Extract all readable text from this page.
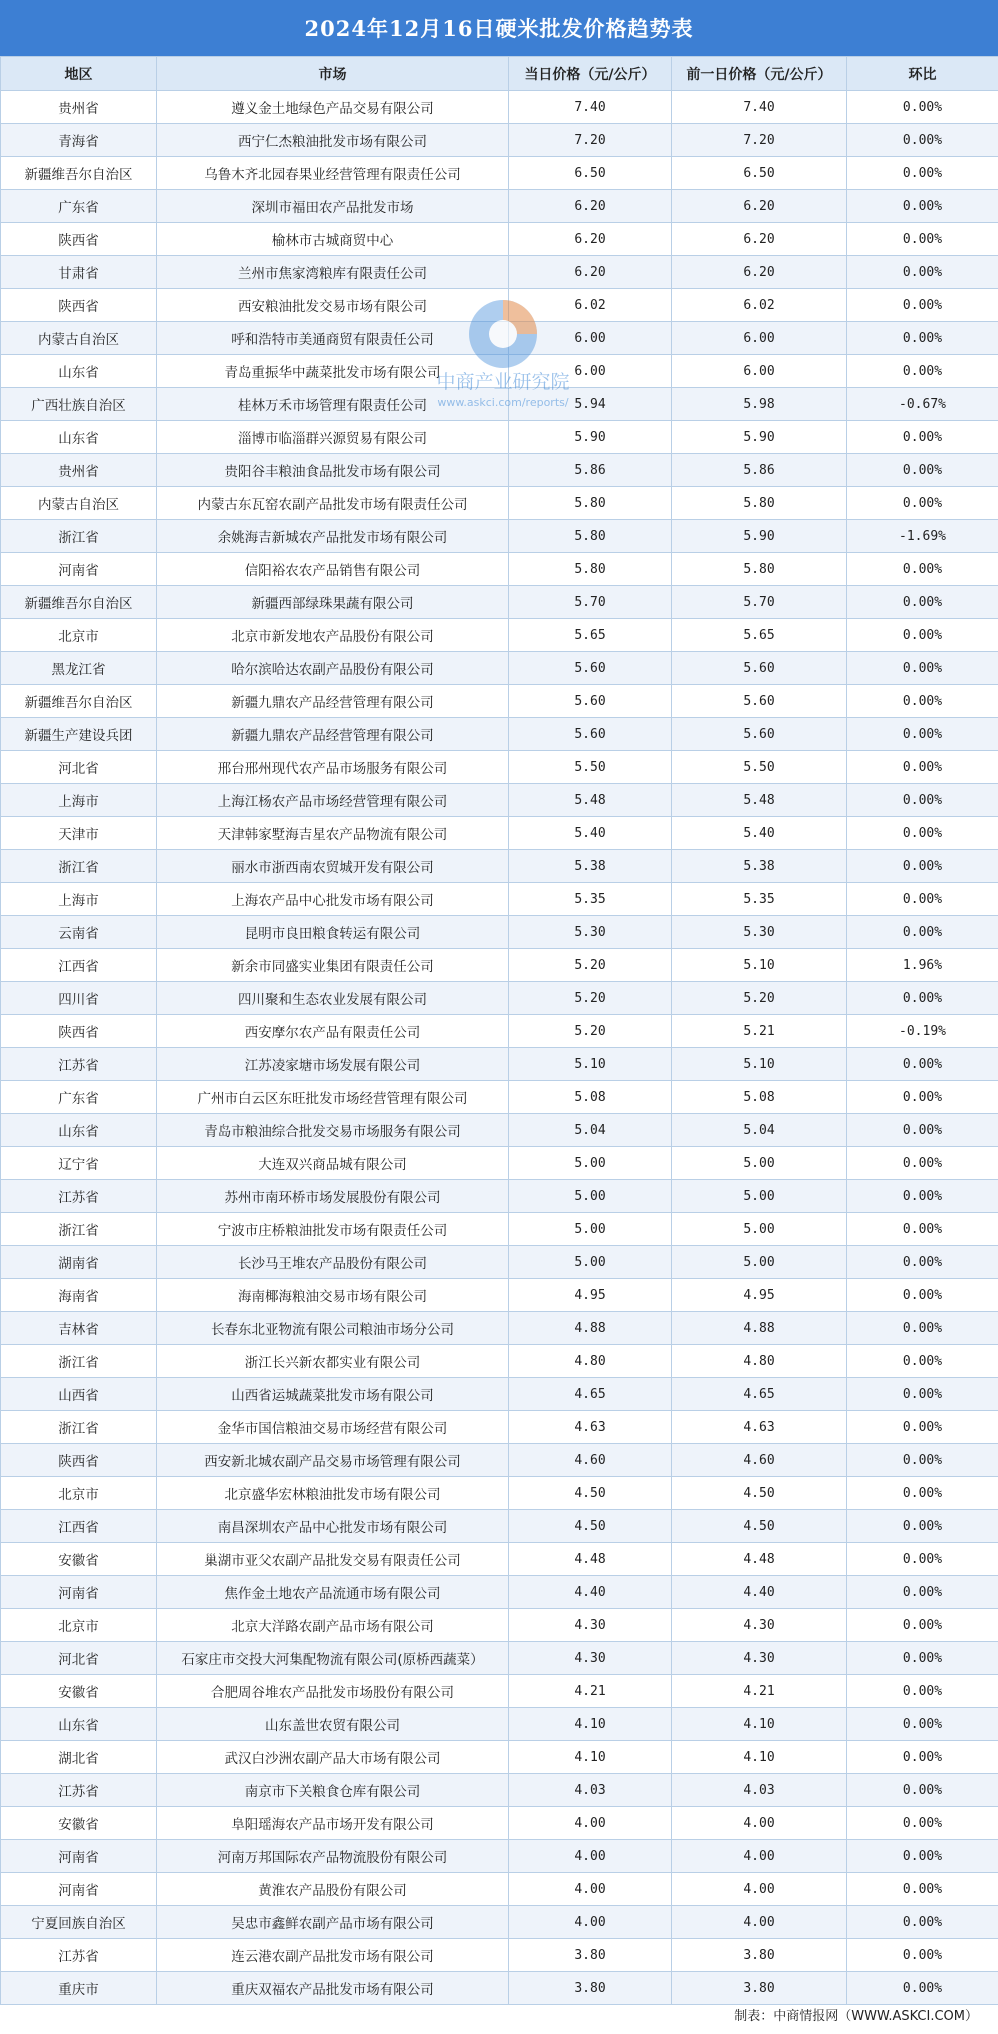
2024年12月16日硬米批发价格趋势表
地区	市场	当日价格（元/公斤）	前一日价格（元/公斤）	环比
贵州省	遵义金土地绿色产品交易有限公司	7.40	7.40	0.00%
青海省	西宁仁杰粮油批发市场有限公司	7.20	7.20	0.00%
新疆维吾尔自治区	乌鲁木齐北园春果业经营管理有限责任公司	6.50	6.50	0.00%
广东省	深圳市福田农产品批发市场	6.20	6.20	0.00%
陕西省	榆林市古城商贸中心	6.20	6.20	0.00%
甘肃省	兰州市焦家湾粮库有限责任公司	6.20	6.20	0.00%
陕西省	西安粮油批发交易市场有限公司	6.02	6.02	0.00%
内蒙古自治区	呼和浩特市美通商贸有限责任公司	6.00	6.00	0.00%
山东省	青岛重振华中蔬菜批发市场有限公司	6.00	6.00	0.00%
广西壮族自治区	桂林万禾市场管理有限责任公司	5.94	5.98	-0.67%
山东省	淄博市临淄群兴源贸易有限公司	5.90	5.90	0.00%
贵州省	贵阳谷丰粮油食品批发市场有限公司	5.86	5.86	0.00%
内蒙古自治区	内蒙古东瓦窑农副产品批发市场有限责任公司	5.80	5.80	0.00%
浙江省	余姚海吉新城农产品批发市场有限公司	5.80	5.90	-1.69%
河南省	信阳裕农农产品销售有限公司	5.80	5.80	0.00%
新疆维吾尔自治区	新疆西部绿珠果蔬有限公司	5.70	5.70	0.00%
北京市	北京市新发地农产品股份有限公司	5.65	5.65	0.00%
黑龙江省	哈尔滨哈达农副产品股份有限公司	5.60	5.60	0.00%
新疆维吾尔自治区	新疆九鼎农产品经营管理有限公司	5.60	5.60	0.00%
新疆生产建设兵团	新疆九鼎农产品经营管理有限公司	5.60	5.60	0.00%
河北省	邢台邢州现代农产品市场服务有限公司	5.50	5.50	0.00%
上海市	上海江杨农产品市场经营管理有限公司	5.48	5.48	0.00%
天津市	天津韩家墅海吉星农产品物流有限公司	5.40	5.40	0.00%
浙江省	丽水市浙西南农贸城开发有限公司	5.38	5.38	0.00%
上海市	上海农产品中心批发市场有限公司	5.35	5.35	0.00%
云南省	昆明市良田粮食转运有限公司	5.30	5.30	0.00%
江西省	新余市同盛实业集团有限责任公司	5.20	5.10	1.96%
四川省	四川聚和生态农业发展有限公司	5.20	5.20	0.00%
陕西省	西安摩尔农产品有限责任公司	5.20	5.21	-0.19%
江苏省	江苏凌家塘市场发展有限公司	5.10	5.10	0.00%
广东省	广州市白云区东旺批发市场经营管理有限公司	5.08	5.08	0.00%
山东省	青岛市粮油综合批发交易市场服务有限公司	5.04	5.04	0.00%
辽宁省	大连双兴商品城有限公司	5.00	5.00	0.00%
江苏省	苏州市南环桥市场发展股份有限公司	5.00	5.00	0.00%
浙江省	宁波市庄桥粮油批发市场有限责任公司	5.00	5.00	0.00%
湖南省	长沙马王堆农产品股份有限公司	5.00	5.00	0.00%
海南省	海南椰海粮油交易市场有限公司	4.95	4.95	0.00%
吉林省	长春东北亚物流有限公司粮油市场分公司	4.88	4.88	0.00%
浙江省	浙江长兴新农都实业有限公司	4.80	4.80	0.00%
山西省	山西省运城蔬菜批发市场有限公司	4.65	4.65	0.00%
浙江省	金华市国信粮油交易市场经营有限公司	4.63	4.63	0.00%
陕西省	西安新北城农副产品交易市场管理有限公司	4.60	4.60	0.00%
北京市	北京盛华宏林粮油批发市场有限公司	4.50	4.50	0.00%
江西省	南昌深圳农产品中心批发市场有限公司	4.50	4.50	0.00%
安徽省	巢湖市亚父农副产品批发交易有限责任公司	4.48	4.48	0.00%
河南省	焦作金土地农产品流通市场有限公司	4.40	4.40	0.00%
北京市	北京大洋路农副产品市场有限公司	4.30	4.30	0.00%
河北省	石家庄市交投大河集配物流有限公司(原桥西蔬菜）	4.30	4.30	0.00%
安徽省	合肥周谷堆农产品批发市场股份有限公司	4.21	4.21	0.00%
山东省	山东盖世农贸有限公司	4.10	4.10	0.00%
湖北省	武汉白沙洲农副产品大市场有限公司	4.10	4.10	0.00%
江苏省	南京市下关粮食仓库有限公司	4.03	4.03	0.00%
安徽省	阜阳瑶海农产品市场开发有限公司	4.00	4.00	0.00%
河南省	河南万邦国际农产品物流股份有限公司	4.00	4.00	0.00%
河南省	黄淮农产品股份有限公司	4.00	4.00	0.00%
宁夏回族自治区	吴忠市鑫鲜农副产品市场有限公司	4.00	4.00	0.00%
江苏省	连云港农副产品批发市场有限公司	3.80	3.80	0.00%
重庆市	重庆双福农产品批发市场有限公司	3.80	3.80	0.00%
中商产业研究院
www.askci.com/reports/
制表：中商情报网（WWW.ASKCI.COM）
